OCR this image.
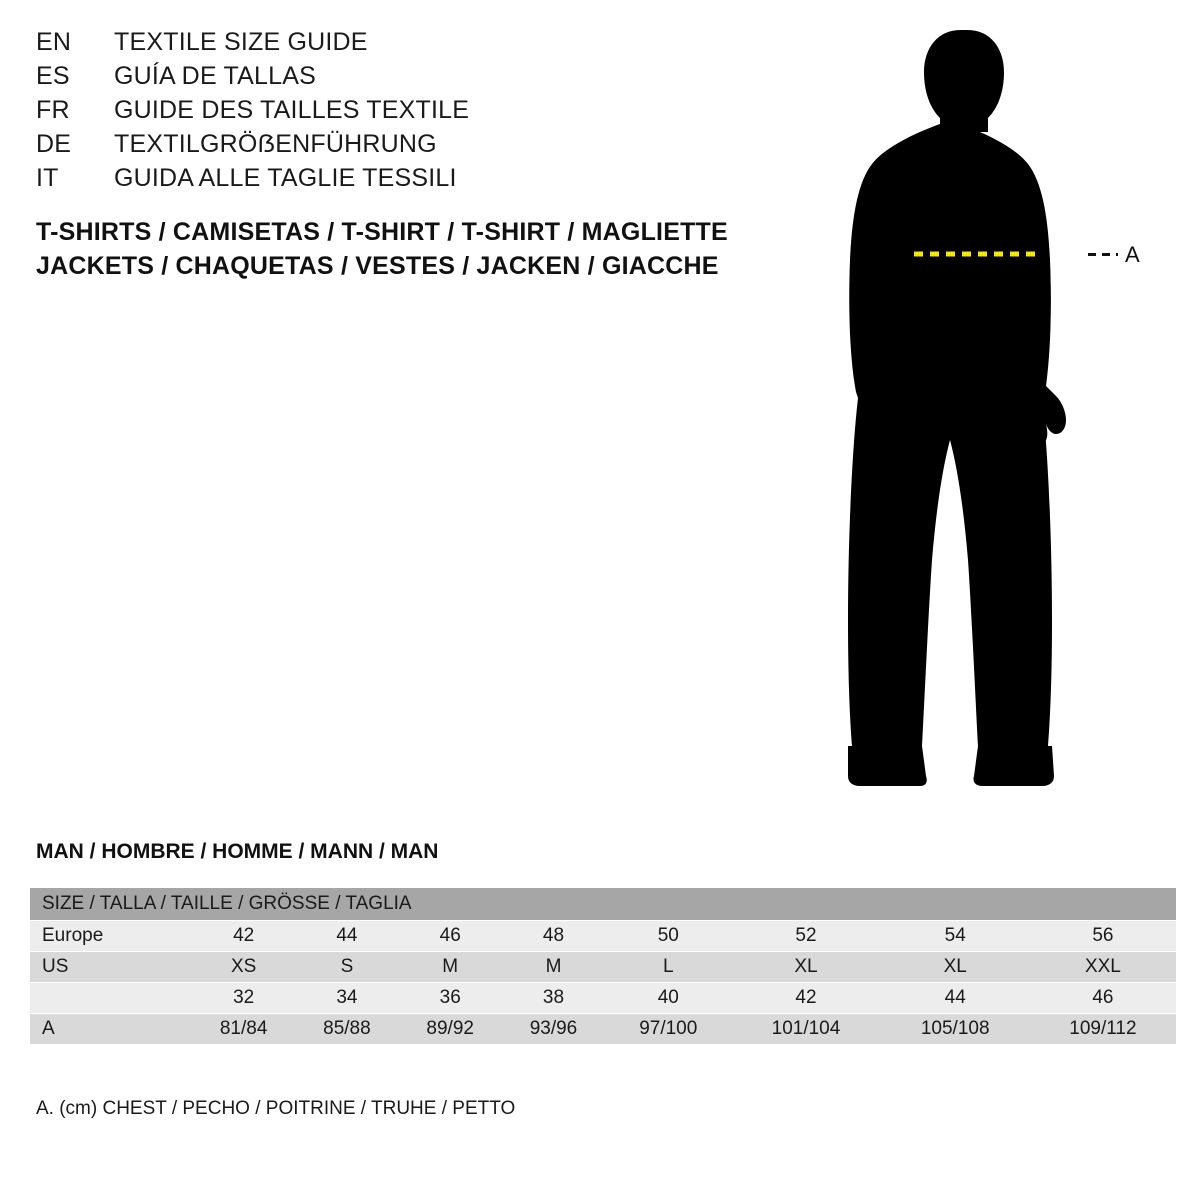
EN	TEXTILE SIZE GUIDE
ES	GUÍA DE TALLAS
FR	GUIDE DES TAILLES TEXTILE
DE	TEXTILGRÖẞENFÜHRUNG
IT	GUIDA ALLE TAGLIE TESSILI
T-SHIRTS / CAMISETAS / T-SHIRT / T-SHIRT / MAGLIETTE
JACKETS / CHAQUETAS / VESTES / JACKEN / GIACCHE	A
MAN / HOMBRE / HOMME / MANN / MAN
SIZE / TALLA / TAILLE / GRÖSSE / TAGLIA								
Europe	42	44	46	48	50	52	54	56
US	XS	S	M	M	L	XL	XL	XXL
	32	34	36	38	40	42	44	46
A	81/84	85/88	89/92	93/96	97/100	101/104	105/108	109/112
A. (cm) CHEST / PECHO / POITRINE / TRUHE / PETTO
